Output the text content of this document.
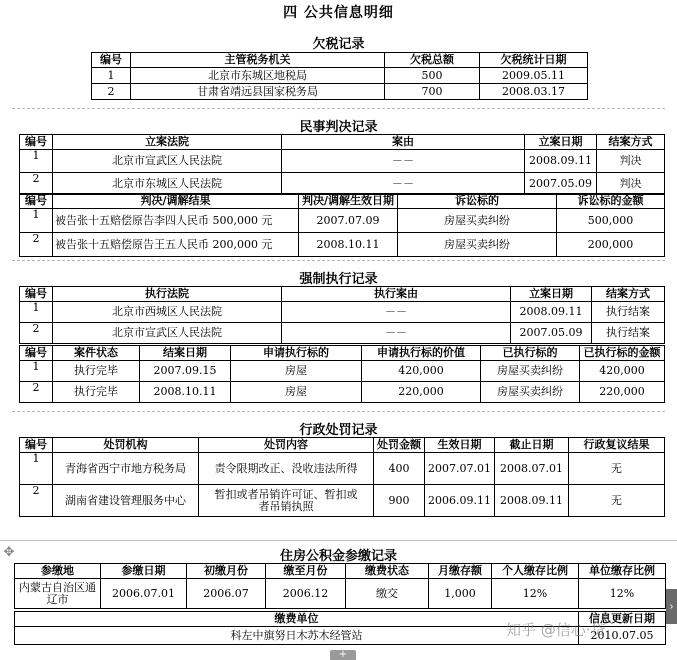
四 公共信息明细
欠税记录
编号	主管税务机关	欠税总额	欠税统计日期
1	北京市东城区地税局	500	2009.05.11
2	甘肃省靖远县国家税务局	700	2008.03.17
民事判决记录
编号	立案法院	案由	立案日期	结案方式
1	北京市宣武区人民法院	－－	2008.09.11	判决
2	北京市东城区人民法院	－－	2007.05.09	判决
编号	判决/调解结果	判决/调解生效日期	诉讼标的	诉讼标的金额
1	被告张十五赔偿原告李四人民币 500,000 元	2007.07.09	房屋买卖纠纷	500,000
2	被告张十五赔偿原告王五人民币 200,000 元	2008.10.11	房屋买卖纠纷	200,000
强制执行记录
编号	执行法院	执行案由	立案日期	结案方式
1	北京市西城区人民法院	－－	2008.09.11	执行结案
2	北京市宣武区人民法院	－－	2007.05.09	执行结案
编号	案件状态	结案日期	申请执行标的	申请执行标的价值	已执行标的	已执行标的金额
1	执行完毕	2007.09.15	房屋	420,000	房屋买卖纠纷	420,000
2	执行完毕	2008.10.11	房屋	220,000	房屋买卖纠纷	220,000
行政处罚记录
编号	处罚机构	处罚内容	处罚金额	生效日期	截止日期	行政复议结果
1	青海省西宁市地方税务局	责令限期改正、没收违法所得	400	2007.07.01	2008.07.01	无
2	湖南省建设管理服务中心	暂扣或者吊销许可证、暂扣或者吊销执照	900	2006.09.11	2008.09.11	无
✥	住房公积金参缴记录
参缴地	参缴日期	初缴月份	缴至月份	缴费状态	月缴存额	个人缴存比例	单位缴存比例
内蒙古自治区通辽市	2006.07.01	2006.07	2006.12	缴交	1,000	12%	12%
缴费单位	信息更新日期
科左中旗努日木苏木经管站	2010.07.05
›
+
知乎 @信心·贷
